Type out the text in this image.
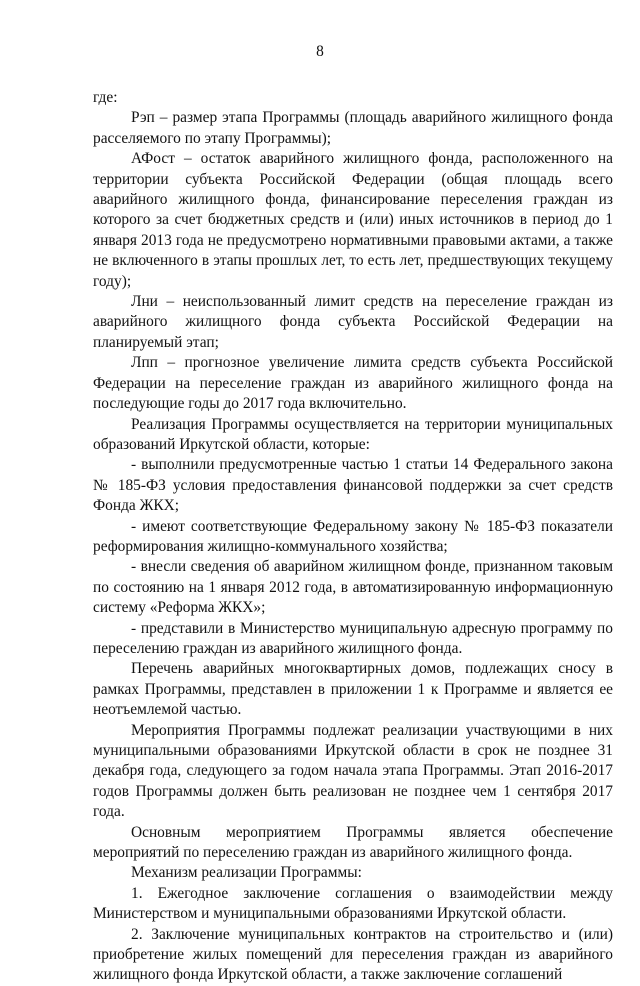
8

где:

Рэп – размер этапа Программы (площадь аварийного жилищного фонда расселяемого по этапу Программы);

АФост – остаток аварийного жилищного фонда, расположенного на территории субъекта Российской Федерации (общая площадь всего аварийного жилищного фонда, финансирование переселения граждан из которого за счет бюджетных средств и (или) иных источников в период до 1 января 2013 года не предусмотрено нормативными правовыми актами, а также не включенного в этапы прошлых лет, то есть лет, предшествующих текущему году);

Лни – неиспользованный лимит средств на переселение граждан из аварийного жилищного фонда субъекта Российской Федерации на планируемый этап;

Лпп – прогнозное увеличение лимита средств субъекта Российской Федерации на переселение граждан из аварийного жилищного фонда на последующие годы до 2017 года включительно.

Реализация Программы осуществляется на территории муниципальных образований Иркутской области, которые:

- выполнили предусмотренные частью 1 статьи 14 Федерального закона № 185-ФЗ условия предоставления финансовой поддержки за счет средств Фонда ЖКХ;

- имеют соответствующие Федеральному закону № 185-ФЗ показатели реформирования жилищно-коммунального хозяйства;

- внесли сведения об аварийном жилищном фонде, признанном таковым по состоянию на 1 января 2012 года, в автоматизированную информационную систему «Реформа ЖКХ»;

- представили в Министерство муниципальную адресную программу по переселению граждан из аварийного жилищного фонда.

Перечень аварийных многоквартирных домов, подлежащих сносу в рамках Программы, представлен в приложении 1 к Программе и является ее неотъемлемой частью.

Мероприятия Программы подлежат реализации участвующими в них муниципальными образованиями Иркутской области в срок не позднее 31 декабря года, следующего за годом начала этапа Программы. Этап 2016-2017 годов Программы должен быть реализован не позднее чем 1 сентября 2017 года.

Основным мероприятием Программы является обеспечение мероприятий по переселению граждан из аварийного жилищного фонда.

Механизм реализации Программы:

1. Ежегодное заключение соглашения о взаимодействии между Министерством и муниципальными образованиями Иркутской области.

2. Заключение муниципальных контрактов на строительство и (или) приобретение жилых помещений для переселения граждан из аварийного жилищного фонда Иркутской области, а также заключение соглашений
